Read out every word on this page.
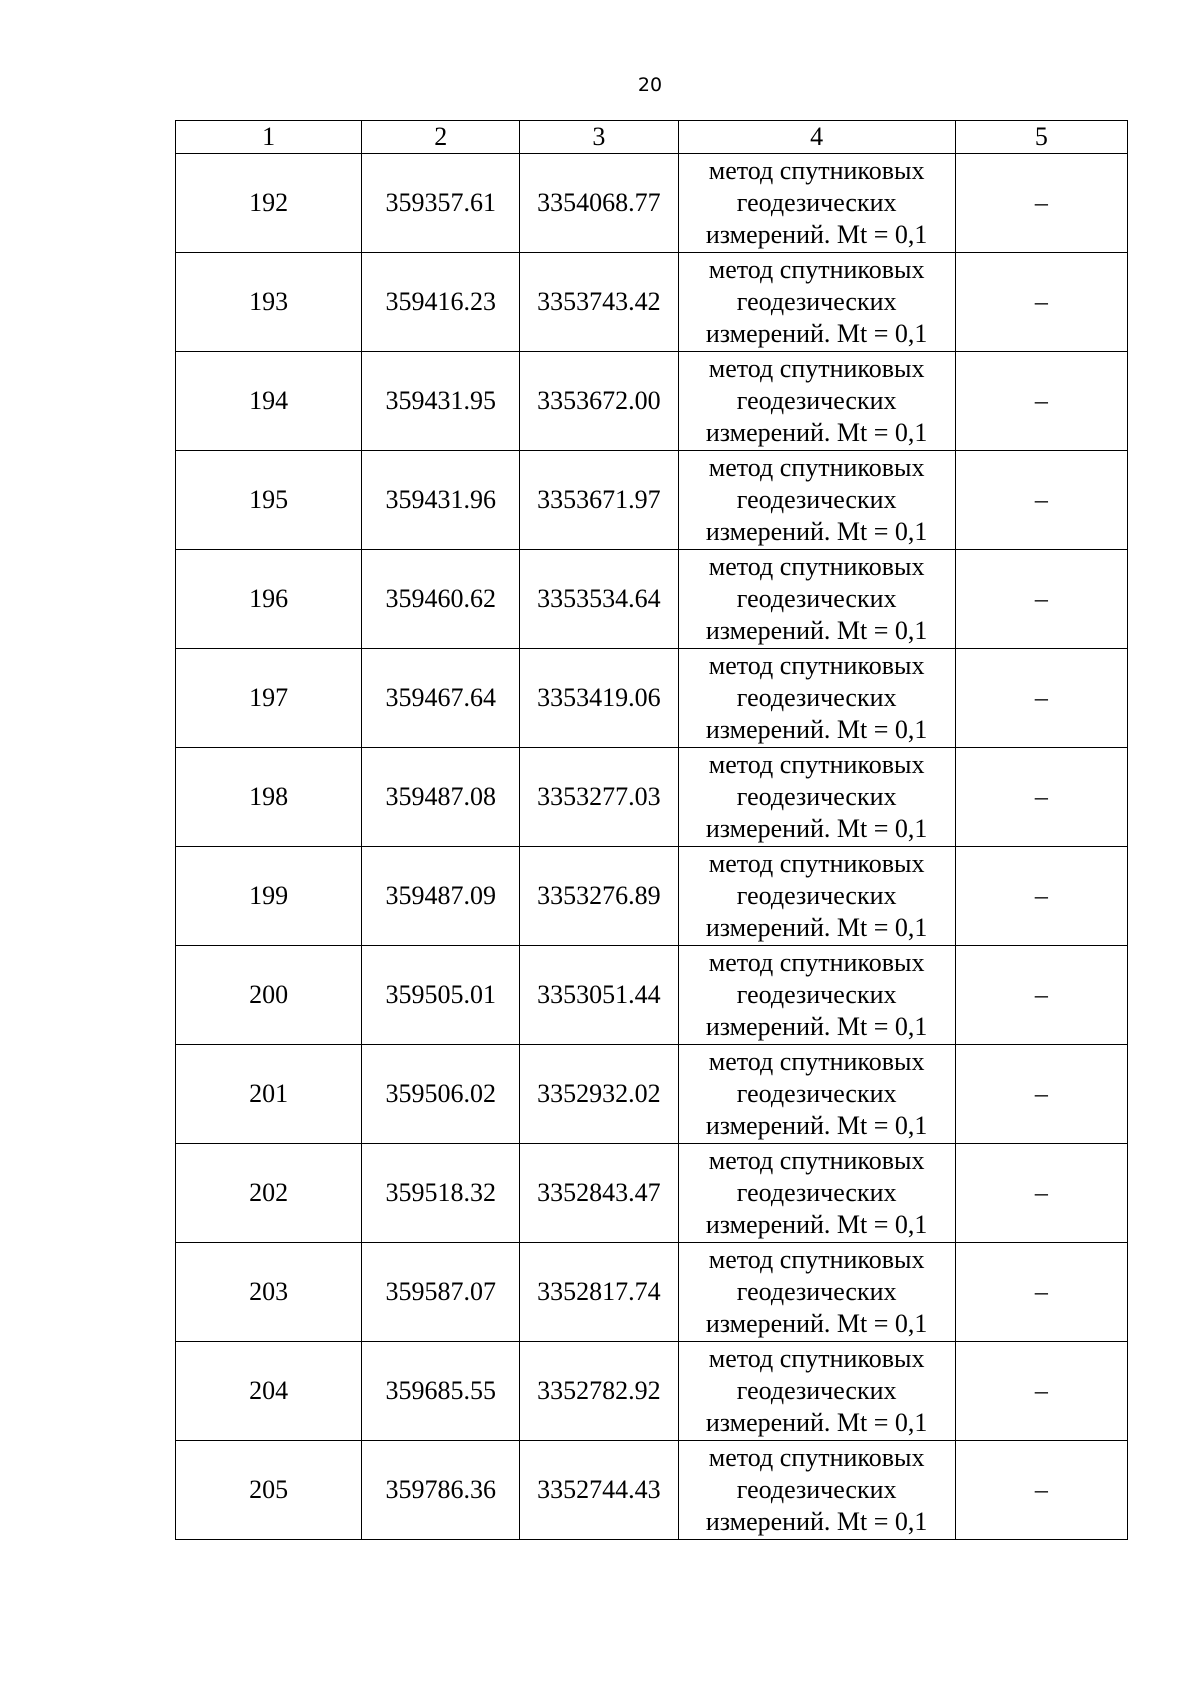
20
1	2	3	4	5
192	359357.61	3354068.77	метод спутниковых
геодезических
измерений. Mt = 0,1	–
193	359416.23	3353743.42	метод спутниковых
геодезических
измерений. Mt = 0,1	–
194	359431.95	3353672.00	метод спутниковых
геодезических
измерений. Mt = 0,1	–
195	359431.96	3353671.97	метод спутниковых
геодезических
измерений. Mt = 0,1	–
196	359460.62	3353534.64	метод спутниковых
геодезических
измерений. Mt = 0,1	–
197	359467.64	3353419.06	метод спутниковых
геодезических
измерений. Mt = 0,1	–
198	359487.08	3353277.03	метод спутниковых
геодезических
измерений. Mt = 0,1	–
199	359487.09	3353276.89	метод спутниковых
геодезических
измерений. Mt = 0,1	–
200	359505.01	3353051.44	метод спутниковых
геодезических
измерений. Mt = 0,1	–
201	359506.02	3352932.02	метод спутниковых
геодезических
измерений. Mt = 0,1	–
202	359518.32	3352843.47	метод спутниковых
геодезических
измерений. Mt = 0,1	–
203	359587.07	3352817.74	метод спутниковых
геодезических
измерений. Mt = 0,1	–
204	359685.55	3352782.92	метод спутниковых
геодезических
измерений. Mt = 0,1	–
205	359786.36	3352744.43	метод спутниковых
геодезических
измерений. Mt = 0,1	–
